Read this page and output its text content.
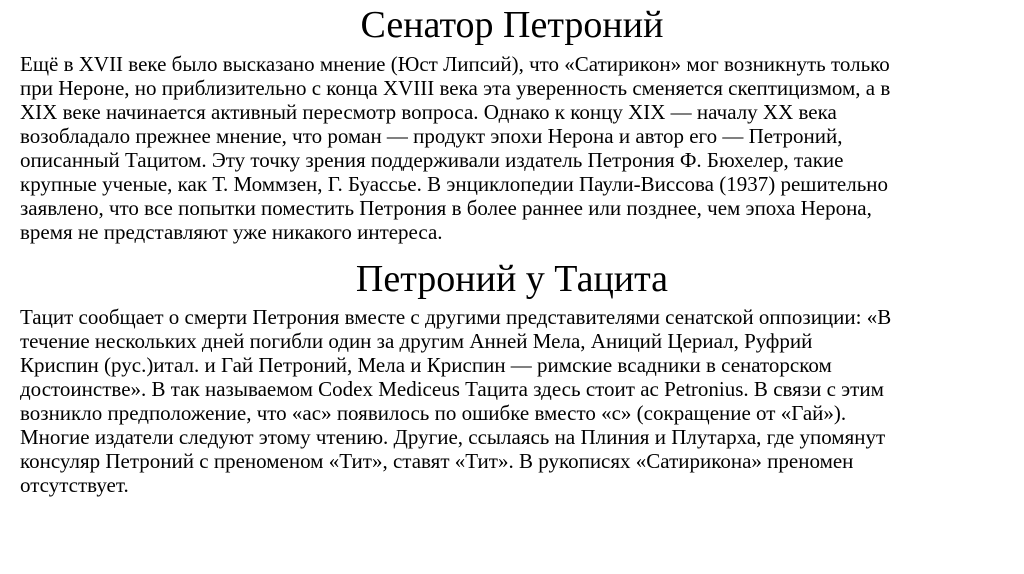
Сенатор Петроний

Ещё в XVII веке было высказано мнение (Юст Липсий), что «Сатирикон» мог возникнуть только
при Нероне, но приблизительно с конца XVIII века эта уверенность сменяется скептицизмом, а в
XIX веке начинается активный пересмотр вопроса. Однако к концу XIX — началу XX века
возобладало прежнее мнение, что роман — продукт эпохи Нерона и автор его — Петроний,
описанный Тацитом. Эту точку зрения поддерживали издатель Петрония Ф. Бюхелер, такие
крупные ученые, как Т. Моммзен, Г. Буассье. В энциклопедии Паули-Виссова (1937) решительно
заявлено, что все попытки поместить Петрония в более раннее или позднее, чем эпоха Нерона,
время не представляют уже никакого интереса.

Петроний у Тацита

Тацит сообщает о смерти Петрония вместе с другими представителями сенатской оппозиции: «В
течение нескольких дней погибли один за другим Анней Мела, Аниций Цериал, Руфрий
Криспин (рус.)итал. и Гай Петроний, Мела и Криспин — римские всадники в сенаторском
достоинстве». В так называемом Codex Mediceus Тацита здесь стоит ac Petronius. В связи с этим
возникло предположение, что «ac» появилось по ошибке вместо «c» (сокращение от «Гай»).
Многие издатели следуют этому чтению. Другие, ссылаясь на Плиния и Плутарха, где упомянут
консуляр Петроний с преноменом «Тит», ставят «Тит». В рукописях «Сатирикона» преномен
отсутствует.
